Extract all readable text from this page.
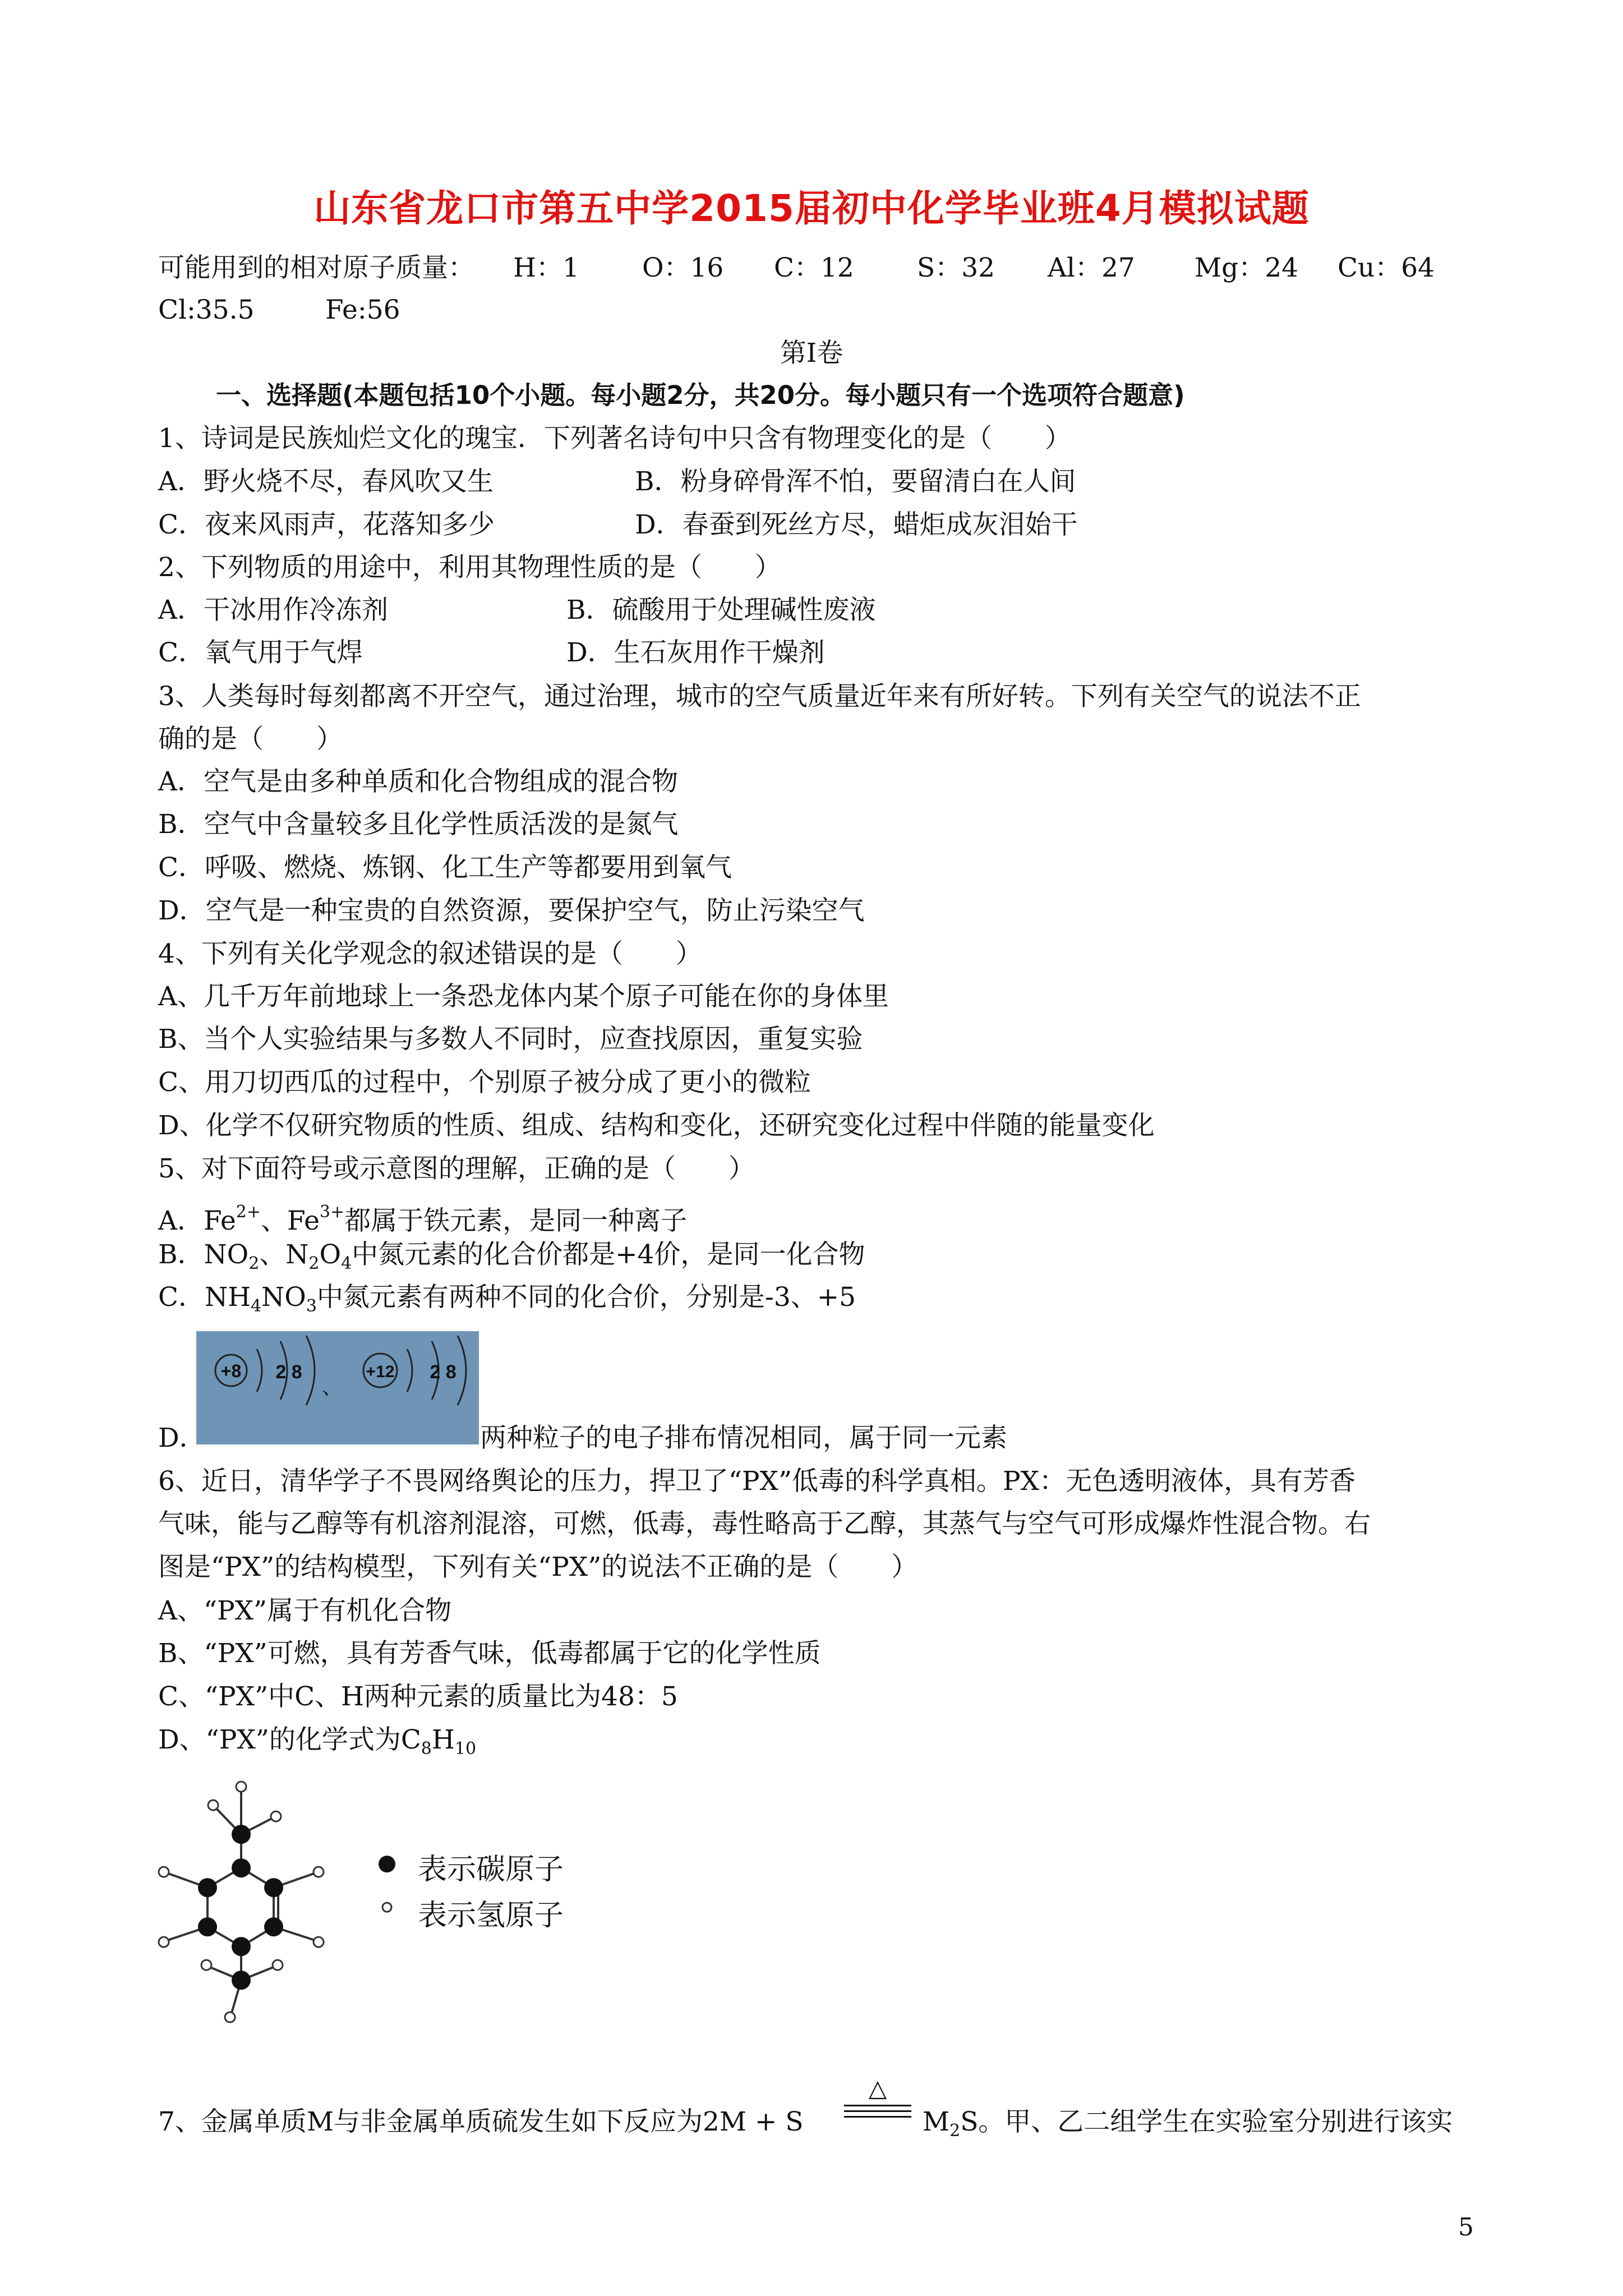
山东省龙口市第五中学2015届初中化学毕业班4月模拟试题
可能用到的相对原子质量： H：1 O：16 C：12 S：32 Al：27 Mg：24 Cu：64
Cl:35.5	Fe:56
第Ⅰ卷
一、选择题(本题包括10个小题。每小题2分，共20分。每小题只有一个选项符合题意)
1、诗词是民族灿烂文化的瑰宝．下列著名诗句中只含有物理变化的是（　　）
A．野火烧不尽，春风吹又生	B．粉身碎骨浑不怕，要留清白在人间
C．夜来风雨声，花落知多少	D．春蚕到死丝方尽，蜡炬成灰泪始干
2、下列物质的用途中，利用其物理性质的是（　　）
A．干冰用作冷冻剂	B．硫酸用于处理碱性废液
C．氧气用于气焊	D．生石灰用作干燥剂
3、人类每时每刻都离不开空气，通过治理，城市的空气质量近年来有所好转。下列有关空气的说法不正
确的是（　　）
A．空气是由多种单质和化合物组成的混合物
B．空气中含量较多且化学性质活泼的是氮气
C．呼吸、燃烧、炼钢、化工生产等都要用到氧气
D．空气是一种宝贵的自然资源，要保护空气，防止污染空气
4、下列有关化学观念的叙述错误的是（　　）
A、几千万年前地球上一条恐龙体内某个原子可能在你的身体里
B、当个人实验结果与多数人不同时，应查找原因，重复实验
C、用刀切西瓜的过程中，个别原子被分成了更小的微粒
D、化学不仅研究物质的性质、组成、结构和变化，还研究变化过程中伴随的能量变化
5、对下面符号或示意图的理解，正确的是（　　）
A．$Fe^{2+}$、$Fe^{3+}$都属于铁元素，是同一种离子
B．$NO_2$、$N_2O_4$中氮元素的化合价都是+4价，是同一化合物
C．$NH_4NO_3$中氮元素有两种不同的化合价，分别是-3、+5
+8 2 8
、
+12 2 8
D．	两种粒子的电子排布情况相同，属于同一元素
6、近日，清华学子不畏网络舆论的压力，捍卫了“PX”低毒的科学真相。PX：无色透明液体，具有芳香
气味，能与乙醇等有机溶剂混溶，可燃，低毒，毒性略高于乙醇，其蒸气与空气可形成爆炸性混合物。右
图是“PX”的结构模型，下列有关“PX”的说法不正确的是（　　）
A、“PX”属于有机化合物
B、“PX”可燃，具有芳香气味，低毒都属于它的化学性质
C、“PX”中C、H两种元素的质量比为48：5
D、“PX”的化学式为$C_8H_{10}$
表示碳原子
表示氢原子
7、金属单质M与非金属单质硫发生如下反应为2M + S
△
$M_2S$。甲、乙二组学生在实验室分别进行该实
5
